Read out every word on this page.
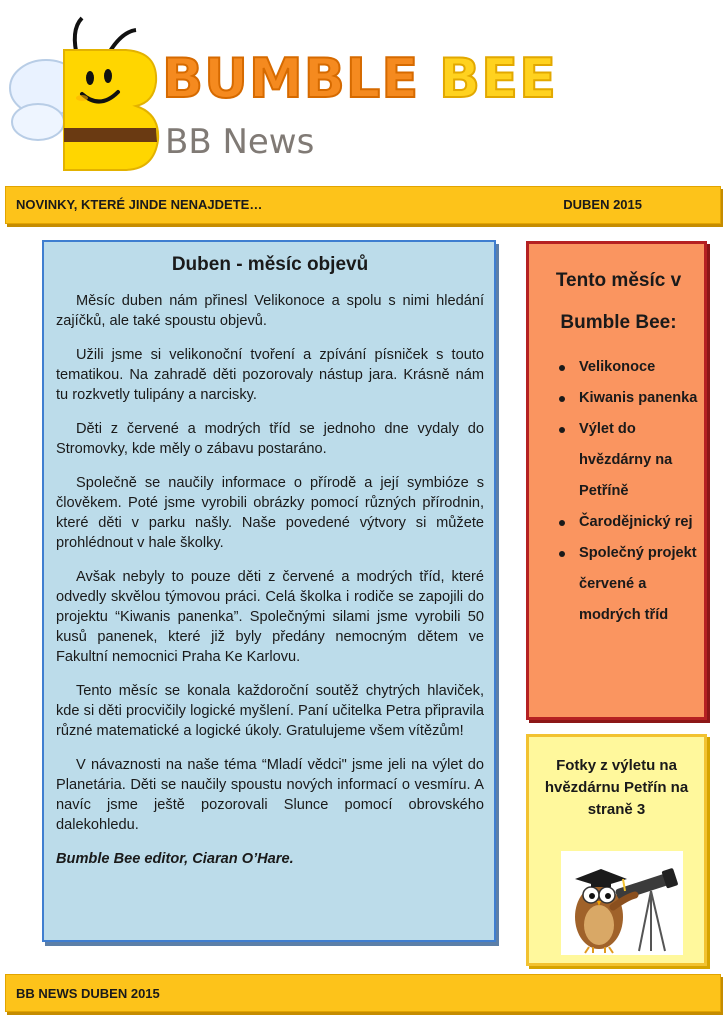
BUMBLE BEE
BB News
NOVINKY, KTERÉ JINDE NENAJDETE…	DUBEN 2015
Duben - měsíc objevů

Měsíc duben nám přinesl Velikonoce a spolu s nimi hledání zajíčků, ale také spoustu objevů.

Užili jsme si velikonoční tvoření a zpívání písniček s touto tematikou. Na zahradě děti pozorovaly nástup jara. Krásně nám tu rozkvetly tulipány a narcisky.

Děti z červené a modrých tříd se jednoho dne vydaly do Stromovky, kde měly o zábavu postaráno.

Společně se naučily informace o přírodě a její symbióze s člověkem. Poté jsme vyrobili obrázky pomocí různých přírodnin, které děti v parku našly. Naše povedené výtvory si můžete prohlédnout v hale školky.

Avšak nebyly to pouze děti z červené a modrých tříd, které odvedly skvělou týmovou práci. Celá školka i rodiče se zapojili do projektu “Kiwanis panenka”. Společnými silami jsme vyrobili 50 kusů panenek, které již byly předány nemocným dětem ve Fakultní nemocnici Praha Ke Karlovu.

Tento měsíc se konala každoroční soutěž chytrých hlaviček, kde si děti procvičily logické myšlení. Paní učitelka Petra připravila různé matematické a logické úkoly. Gratulujeme všem vítězům!

V návaznosti na naše téma “Mladí vědci" jsme jeli na výlet do Planetária. Děti se naučily spoustu nových informací o vesmíru. A navíc jsme ještě pozorovali Slunce pomocí obrovského dalekohledu.

Bumble Bee editor, Ciaran O’Hare.

Tento měsíc v
Bumble Bee:
Velikonoce
Kiwanis panenka
Výlet do hvězdárny na Petříně
Čarodějnický rej
Společný projekt červené a modrých tříd

Fotky z výletu na hvězdárnu Petřín na straně 3

BB NEWS DUBEN 2015
